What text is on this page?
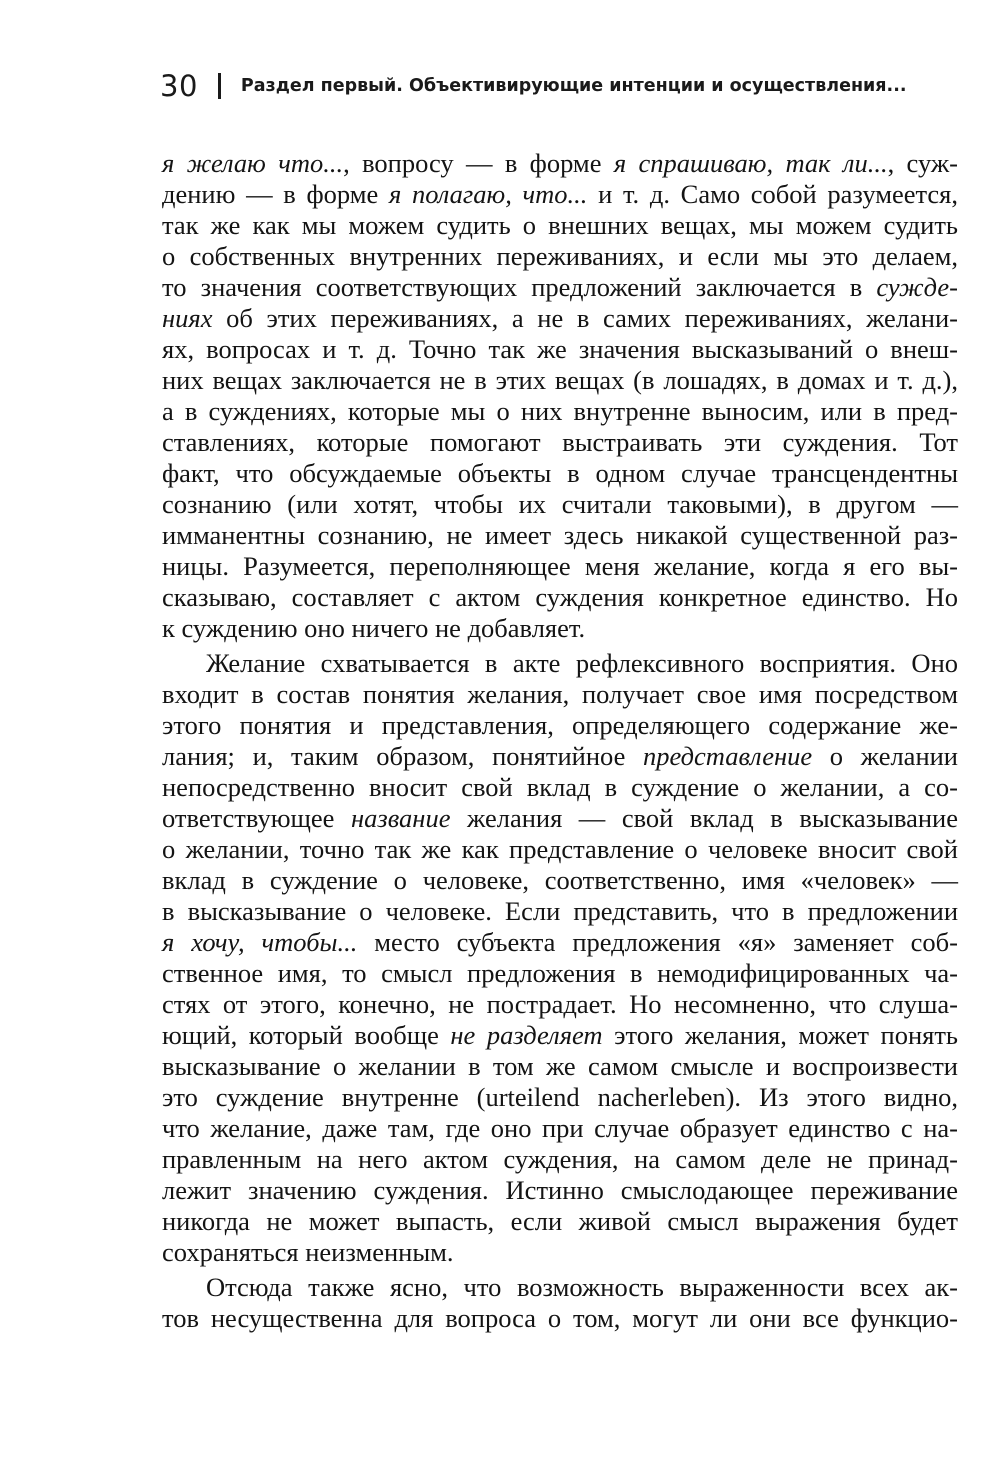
30 Раздел первый. Объективирующие интенции и осуществления...
я желаю что..., вопросу — в форме я спрашиваю, так ли..., суж-
дению — в форме я полагаю, что... и т. д. Само собой разумеется,
так же как мы можем судить о внешних вещах, мы можем судить
о собственных внутренних переживаниях, и если мы это делаем,
то значения соответствующих предложений заключается в сужде-
ниях об этих переживаниях, а не в самих переживаниях, желани-
ях, вопросах и т. д. Точно так же значения высказываний о внеш-
них вещах заключается не в этих вещах (в лошадях, в домах и т. д.),
а в суждениях, которые мы о них внутренне выносим, или в пред-
ставлениях, которые помогают выстраивать эти суждения. Тот
факт, что обсуждаемые объекты в одном случае трансцендентны
сознанию (или хотят, чтобы их считали таковыми), в другом —
имманентны сознанию, не имеет здесь никакой существенной раз-
ницы. Разумеется, переполняющее меня желание, когда я его вы-
сказываю, составляет с актом суждения конкретное единство. Но
к суждению оно ничего не добавляет.
Желание схватывается в акте рефлексивного восприятия. Оно
входит в состав понятия желания, получает свое имя посредством
этого понятия и представления, определяющего содержание же-
лания; и, таким образом, понятийное представление о желании
непосредственно вносит свой вклад в суждение о желании, а со-
ответствующее название желания — свой вклад в высказывание
о желании, точно так же как представление о человеке вносит свой
вклад в суждение о человеке, соответственно, имя «человек» —
в высказывание о человеке. Если представить, что в предложении
я хочу, чтобы... место субъекта предложения «я» заменяет соб-
ственное имя, то смысл предложения в немодифицированных ча-
стях от этого, конечно, не пострадает. Но несомненно, что слуша-
ющий, который вообще не разделяет этого желания, может понять
высказывание о желании в том же самом смысле и воспроизвести
это суждение внутренне (urteilend nacherleben). Из этого видно,
что желание, даже там, где оно при случае образует единство с на-
правленным на него актом суждения, на самом деле не принад-
лежит значению суждения. Истинно смыслодающее переживание
никогда не может выпасть, если живой смысл выражения будет
сохраняться неизменным.
Отсюда также ясно, что возможность выраженности всех ак-
тов несущественна для вопроса о том, могут ли они все функцио-
